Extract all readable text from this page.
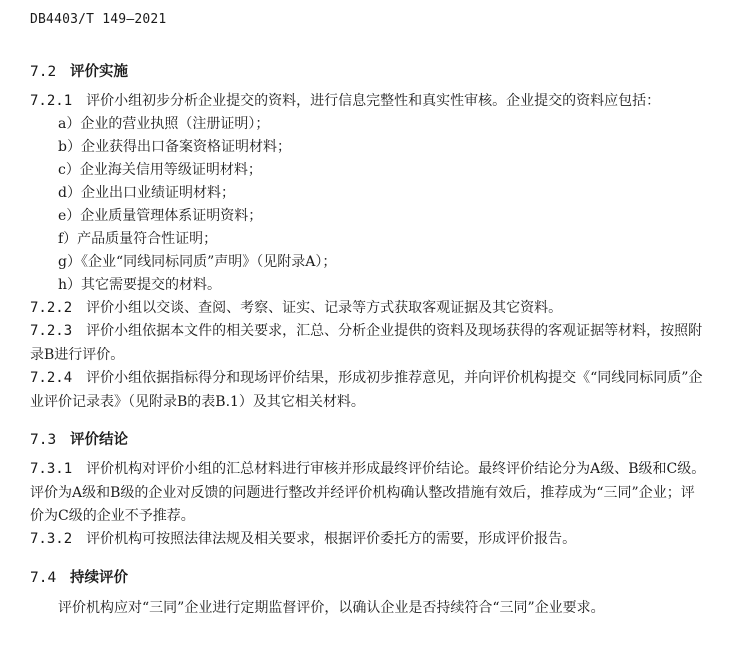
DB4403/T 149—2021
7.2 评价实施
7.2.1 评价小组初步分析企业提交的资料，进行信息完整性和真实性审核。企业提交的资料应包括：
a）企业的营业执照（注册证明）；
b）企业获得出口备案资格证明材料；
c）企业海关信用等级证明材料；
d）企业出口业绩证明材料；
e）企业质量管理体系证明资料；
f）产品质量符合性证明；
g）《企业“同线同标同质”声明》（见附录A）；
h）其它需要提交的材料。
7.2.2 评价小组以交谈、查阅、考察、证实、记录等方式获取客观证据及其它资料。
7.2.3 评价小组依据本文件的相关要求，汇总、分析企业提供的资料及现场获得的客观证据等材料，按照附录B进行评价。
7.2.4 评价小组依据指标得分和现场评价结果，形成初步推荐意见，并向评价机构提交《“同线同标同质”企业评价记录表》（见附录B的表B.1）及其它相关材料。
7.3 评价结论
7.3.1 评价机构对评价小组的汇总材料进行审核并形成最终评价结论。最终评价结论分为A级、B级和C级。评价为A级和B级的企业对反馈的问题进行整改并经评价机构确认整改措施有效后，推荐成为“三同”企业；评价为C级的企业不予推荐。
7.3.2 评价机构可按照法律法规及相关要求，根据评价委托方的需要，形成评价报告。
7.4 持续评价
评价机构应对“三同”企业进行定期监督评价，以确认企业是否持续符合“三同”企业要求。
